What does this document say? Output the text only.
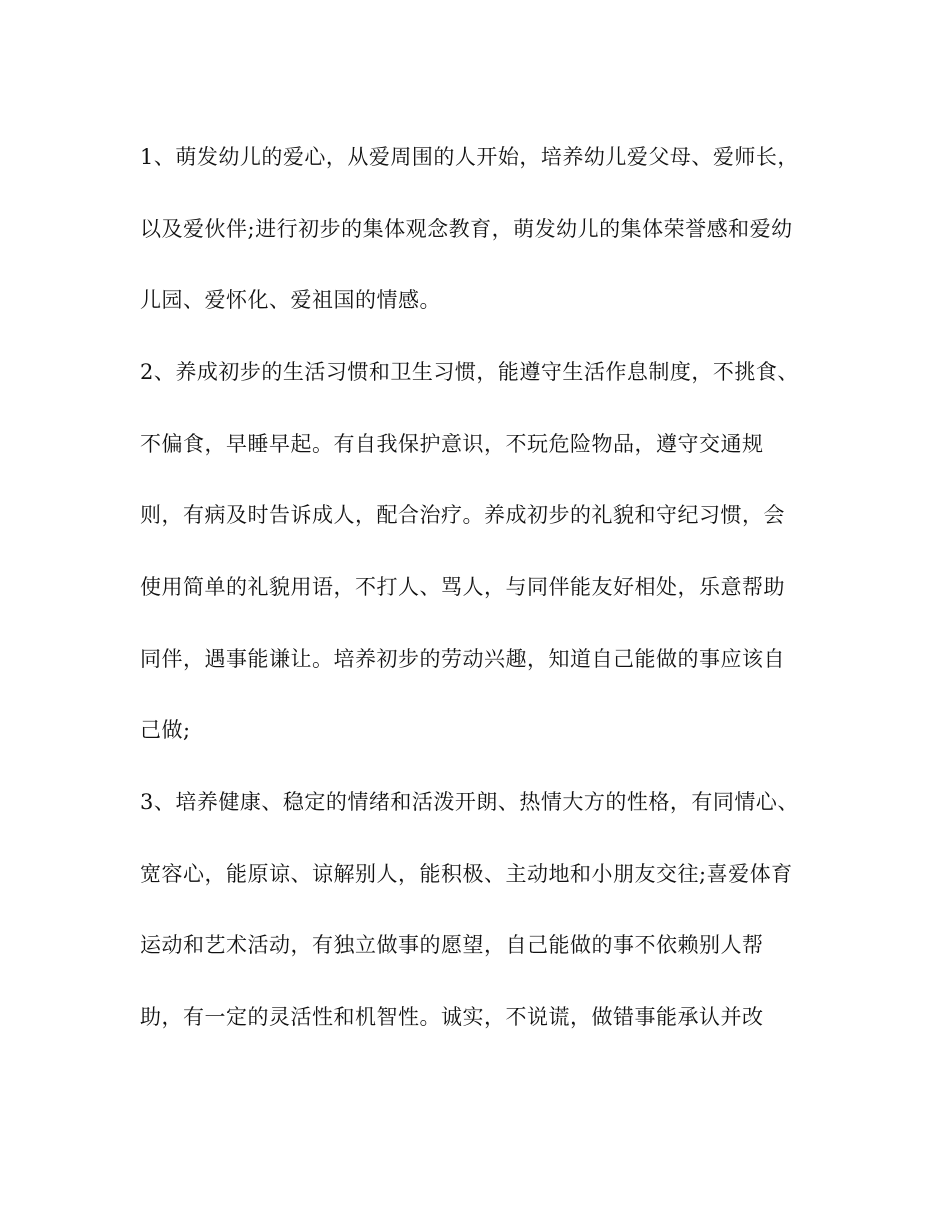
1、萌发幼儿的爱心，从爱周围的人开始，培养幼儿爱父母、爱师长，
以及爱伙伴;进行初步的集体观念教育，萌发幼儿的集体荣誉感和爱幼
儿园、爱怀化、爱祖国的情感。
2、养成初步的生活习惯和卫生习惯，能遵守生活作息制度，不挑食、
不偏食，早睡早起。有自我保护意识，不玩危险物品，遵守交通规
则，有病及时告诉成人，配合治疗。养成初步的礼貌和守纪习惯，会
使用简单的礼貌用语，不打人、骂人，与同伴能友好相处，乐意帮助
同伴，遇事能谦让。培养初步的劳动兴趣，知道自己能做的事应该自
己做;
3、培养健康、稳定的情绪和活泼开朗、热情大方的性格，有同情心、
宽容心，能原谅、谅解别人，能积极、主动地和小朋友交往;喜爱体育
运动和艺术活动，有独立做事的愿望，自己能做的事不依赖别人帮
助，有一定的灵活性和机智性。诚实，不说谎，做错事能承认并改
